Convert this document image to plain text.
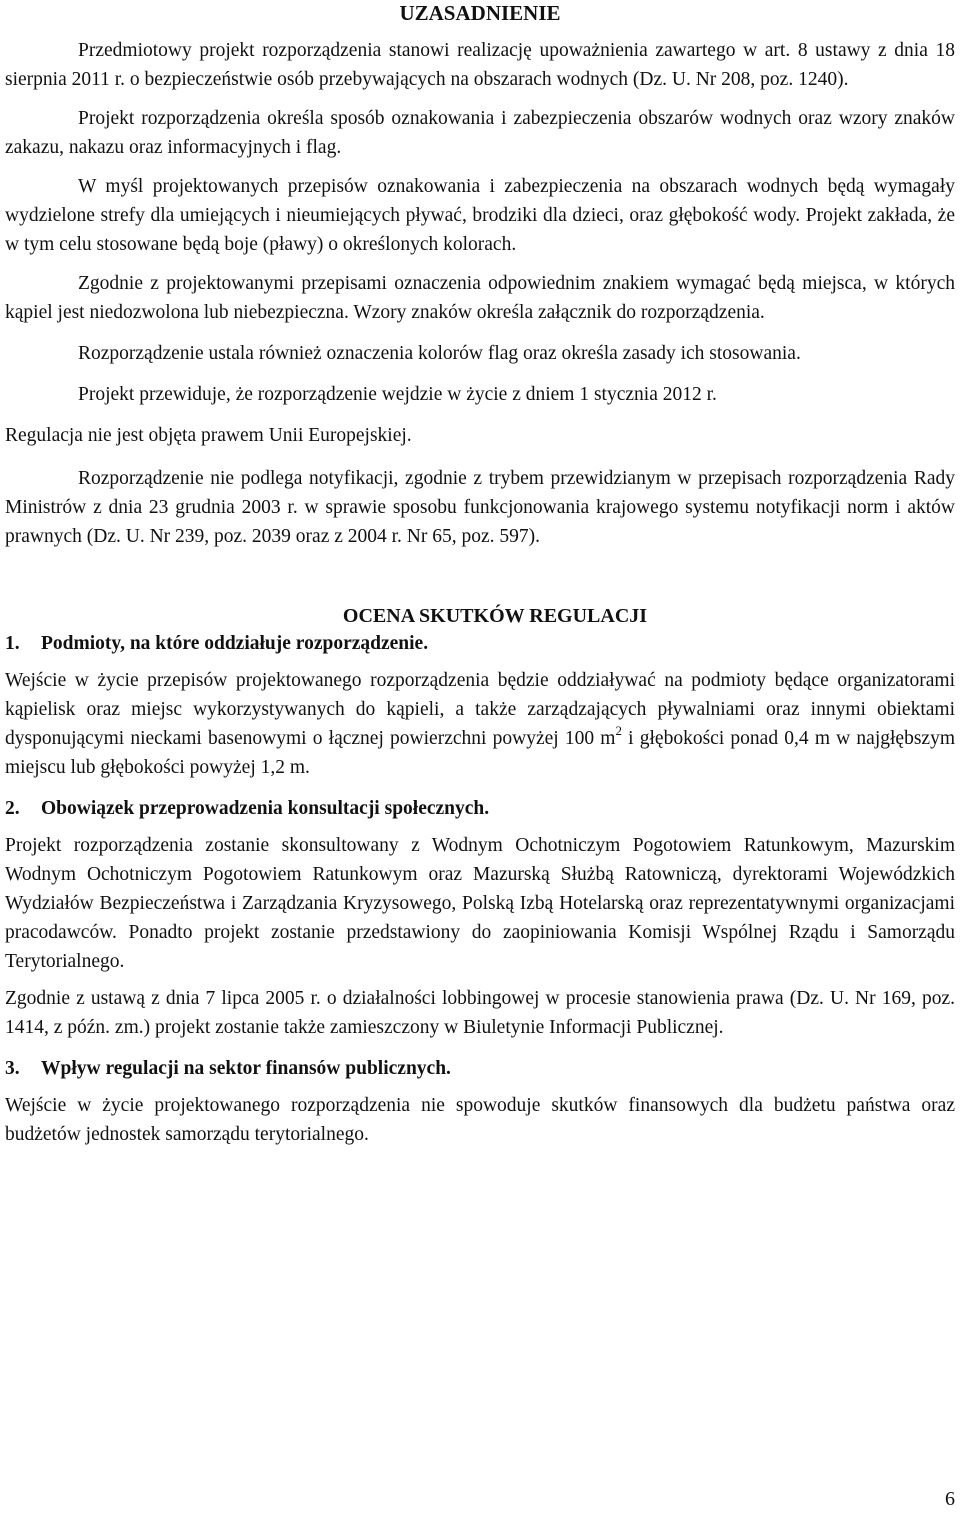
UZASADNIENIE

Przedmiotowy projekt rozporządzenia stanowi realizację upoważnienia zawartego w art. 8 ustawy z dnia 18 sierpnia 2011 r. o bezpieczeństwie osób przebywających na obszarach wodnych (Dz. U. Nr 208, poz. 1240).

Projekt rozporządzenia określa sposób oznakowania i zabezpieczenia obszarów wodnych oraz wzory znaków zakazu, nakazu oraz informacyjnych i flag.

W myśl projektowanych przepisów oznakowania i zabezpieczenia na obszarach wodnych będą wymagały wydzielone strefy dla umiejących i nieumiejących pływać, brodziki dla dzieci, oraz głębokość wody. Projekt zakłada, że w tym celu stosowane będą boje (pławy) o określonych kolorach.

Zgodnie z projektowanymi przepisami oznaczenia odpowiednim znakiem wymagać będą miejsca, w których kąpiel jest niedozwolona lub niebezpieczna. Wzory znaków określa załącznik do rozporządzenia.

Rozporządzenie ustala również oznaczenia kolorów flag oraz określa zasady ich stosowania.

Projekt przewiduje, że rozporządzenie wejdzie w życie z dniem 1 stycznia 2012 r.

Regulacja nie jest objęta prawem Unii Europejskiej.

Rozporządzenie nie podlega notyfikacji, zgodnie z trybem przewidzianym w przepisach rozporządzenia Rady Ministrów z dnia 23 grudnia 2003 r. w sprawie sposobu funkcjonowania krajowego systemu notyfikacji norm i aktów prawnych (Dz. U. Nr 239, poz. 2039 oraz z 2004 r. Nr 65, poz. 597).

OCENA SKUTKÓW REGULACJI

1. Podmioty, na które oddziałuje rozporządzenie.

Wejście w życie przepisów projektowanego rozporządzenia będzie oddziaływać na podmioty będące organizatorami kąpielisk oraz miejsc wykorzystywanych do kąpieli, a także zarządzających pływalniami oraz innymi obiektami dysponującymi nieckami basenowymi o łącznej powierzchni powyżej 100 $m^2$ i głębokości ponad 0,4 m w najgłębszym miejscu lub głębokości powyżej 1,2 m.

2. Obowiązek przeprowadzenia konsultacji społecznych.

Projekt rozporządzenia zostanie skonsultowany z Wodnym Ochotniczym Pogotowiem Ratunkowym, Mazurskim Wodnym Ochotniczym Pogotowiem Ratunkowym oraz Mazurską Służbą Ratowniczą, dyrektorami Wojewódzkich Wydziałów Bezpieczeństwa i Zarządzania Kryzysowego, Polską Izbą Hotelarską oraz reprezentatywnymi organizacjami pracodawców. Ponadto projekt zostanie przedstawiony do zaopiniowania Komisji Wspólnej Rządu i Samorządu Terytorialnego.

Zgodnie z ustawą z dnia 7 lipca 2005 r. o działalności lobbingowej w procesie stanowienia prawa (Dz. U. Nr 169, poz. 1414, z późn. zm.) projekt zostanie także zamieszczony w Biuletynie Informacji Publicznej.

3. Wpływ regulacji na sektor finansów publicznych.

Wejście w życie projektowanego rozporządzenia nie spowoduje skutków finansowych dla budżetu państwa oraz budżetów jednostek samorządu terytorialnego.

6
